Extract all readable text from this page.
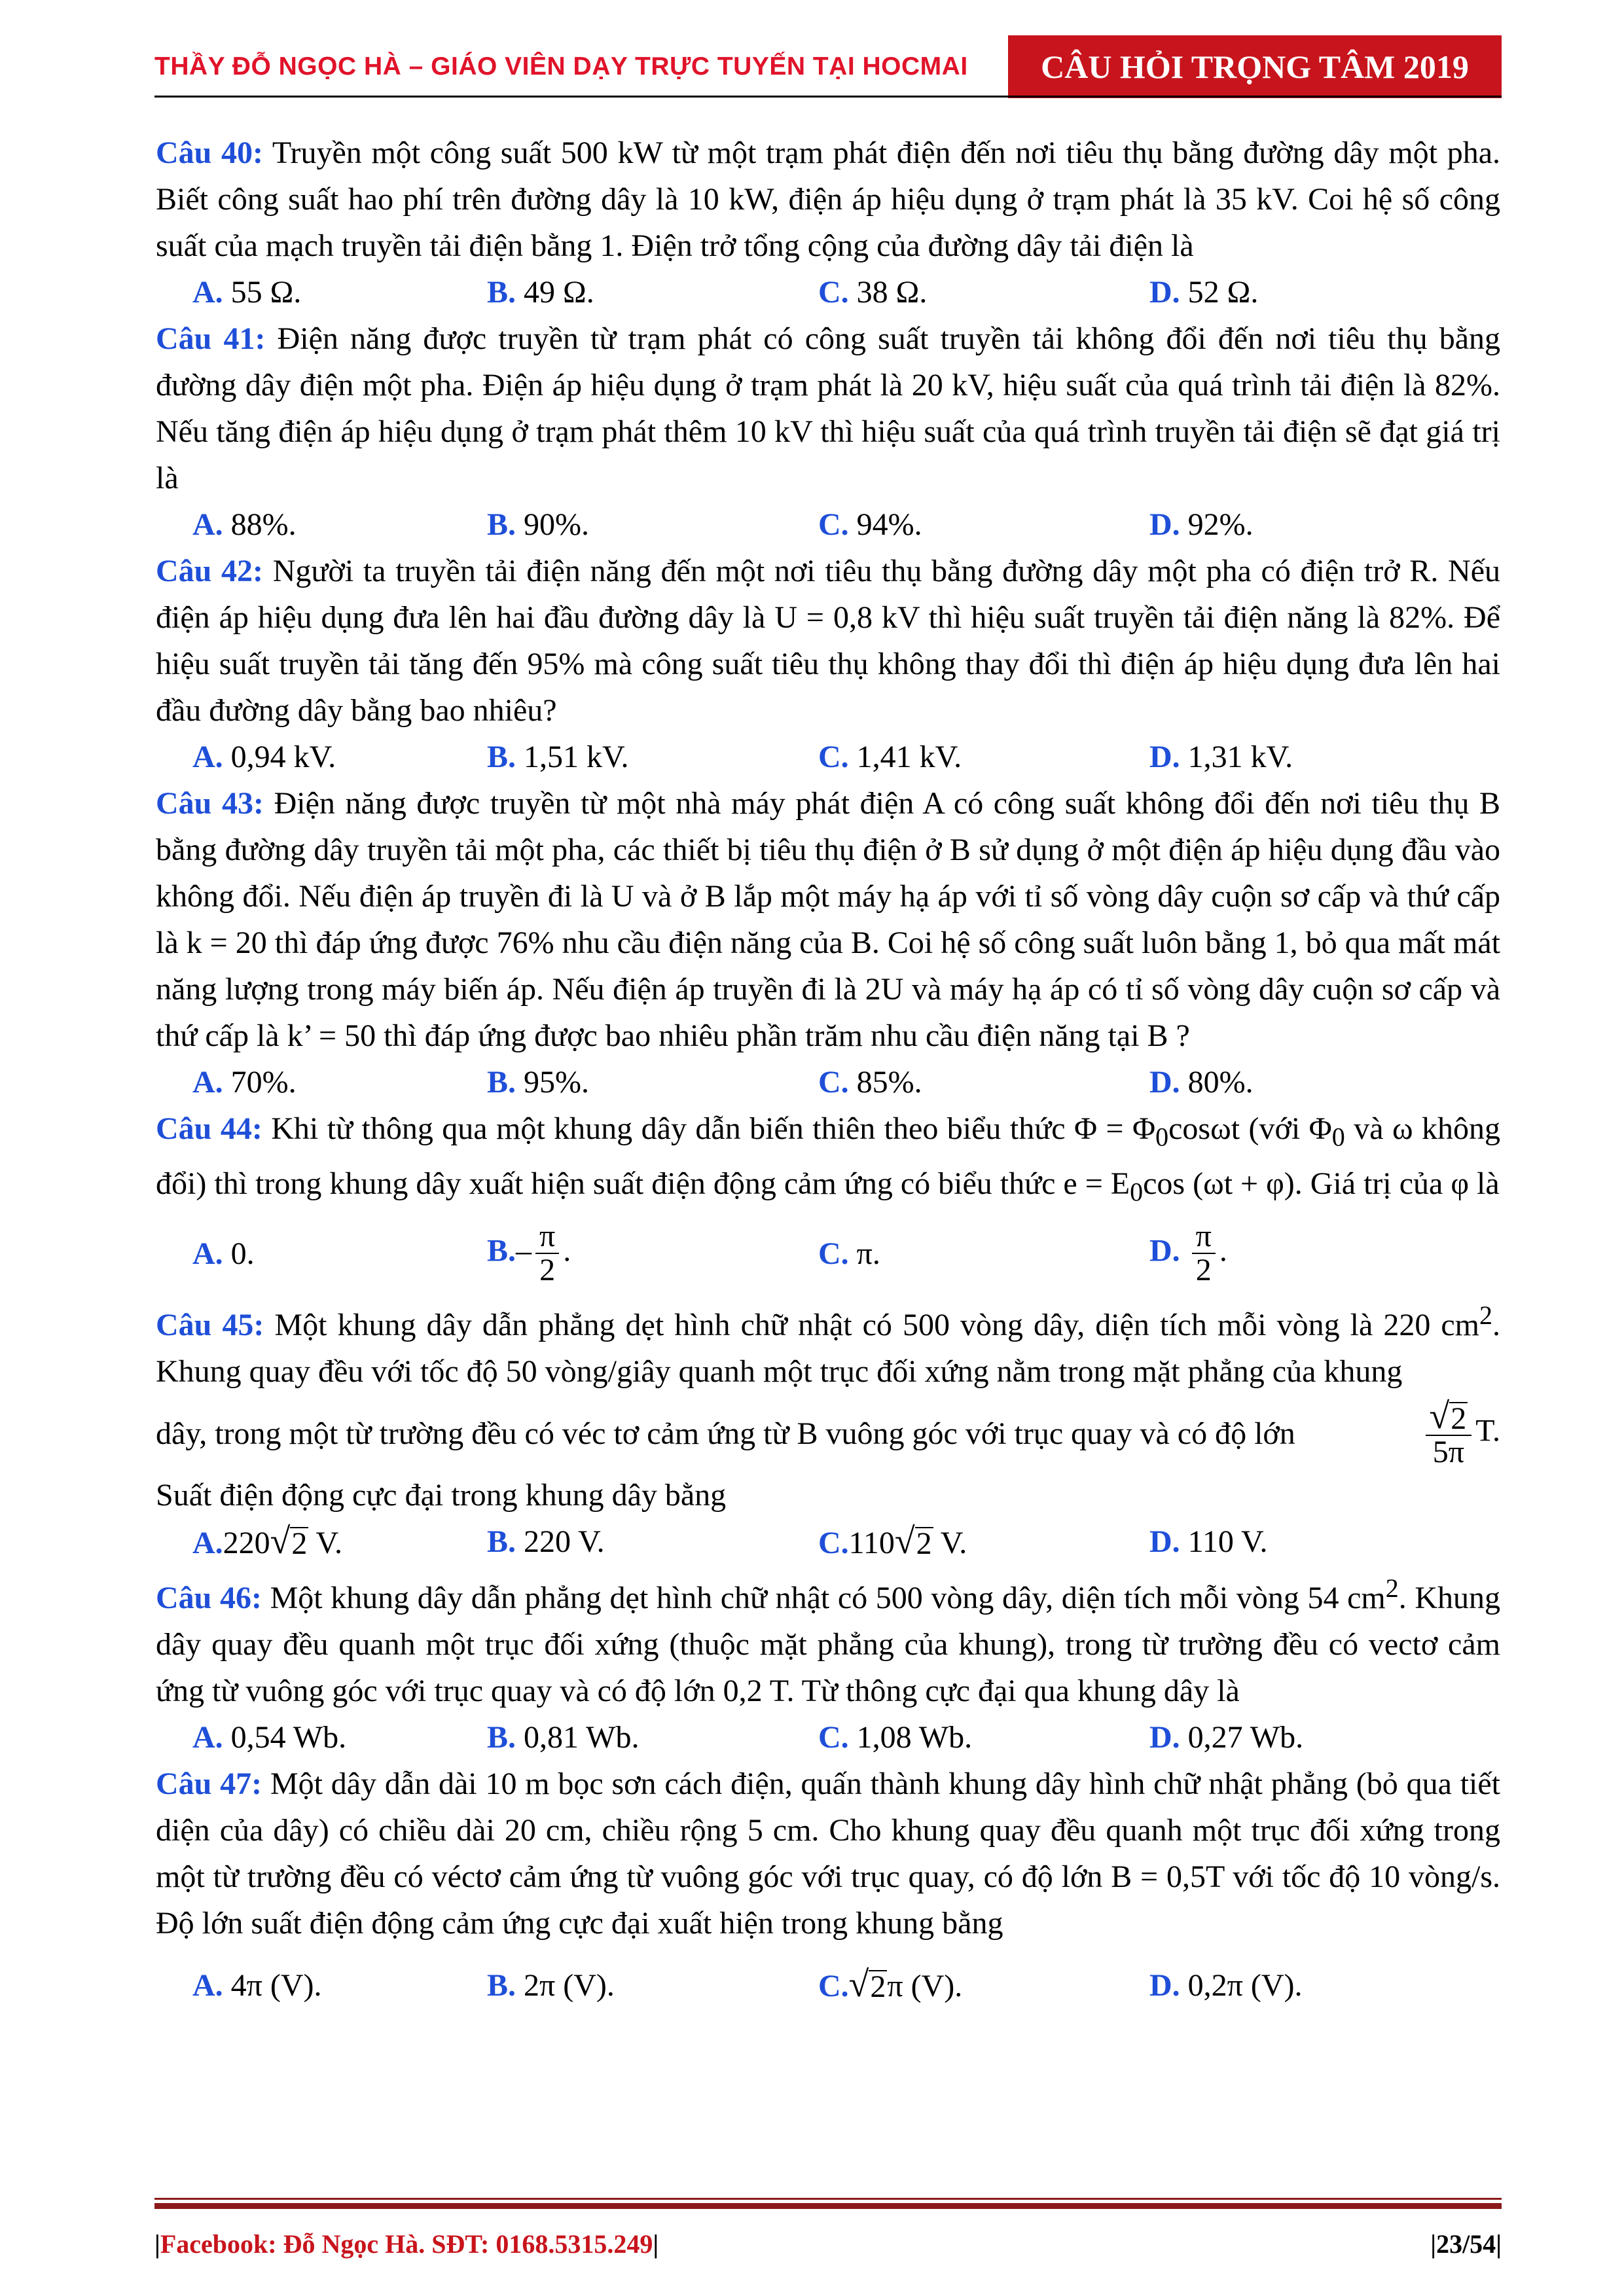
THẦY ĐỖ NGỌC HÀ – GIÁO VIÊN DẠY TRỰC TUYẾN TẠI HOCMAI	CÂU HỎI TRỌNG TÂM 2019

Câu 40: Truyền một công suất 500 kW từ một trạm phát điện đến nơi tiêu thụ bằng đường dây một pha. Biết công suất hao phí trên đường dây là 10 kW, điện áp hiệu dụng ở trạm phát là 35 kV. Coi hệ số công suất của mạch truyền tải điện bằng 1. Điện trở tổng cộng của đường dây tải điện là

A. 55 Ω.	B. 49 Ω.	C. 38 Ω.	D. 52 Ω.

Câu 41: Điện năng được truyền từ trạm phát có công suất truyền tải không đổi đến nơi tiêu thụ bằng đường dây điện một pha. Điện áp hiệu dụng ở trạm phát là 20 kV, hiệu suất của quá trình tải điện là 82%. Nếu tăng điện áp hiệu dụng ở trạm phát thêm 10 kV thì hiệu suất của quá trình truyền tải điện sẽ đạt giá trị là

A. 88%.	B. 90%.	C. 94%.	D. 92%.

Câu 42: Người ta truyền tải điện năng đến một nơi tiêu thụ bằng đường dây một pha có điện trở R. Nếu điện áp hiệu dụng đưa lên hai đầu đường dây là U = 0,8 kV thì hiệu suất truyền tải điện năng là 82%. Để hiệu suất truyền tải tăng đến 95% mà công suất tiêu thụ không thay đổi thì điện áp hiệu dụng đưa lên hai đầu đường dây bằng bao nhiêu?

A. 0,94 kV.	B. 1,51 kV.	C. 1,41 kV.	D. 1,31 kV.

Câu 43: Điện năng được truyền từ một nhà máy phát điện A có công suất không đổi đến nơi tiêu thụ B bằng đường dây truyền tải một pha, các thiết bị tiêu thụ điện ở B sử dụng ở một điện áp hiệu dụng đầu vào không đổi. Nếu điện áp truyền đi là U và ở B lắp một máy hạ áp với tỉ số vòng dây cuộn sơ cấp và thứ cấp là k = 20 thì đáp ứng được 76% nhu cầu điện năng của B. Coi hệ số công suất luôn bằng 1, bỏ qua mất mát năng lượng trong máy biến áp. Nếu điện áp truyền đi là 2U và máy hạ áp có tỉ số vòng dây cuộn sơ cấp và thứ cấp là k’ = 50 thì đáp ứng được bao nhiêu phần trăm nhu cầu điện năng tại B ?

A. 70%.	B. 95%.	C. 85%.	D. 80%.

Câu 44: Khi từ thông qua một khung dây dẫn biến thiên theo biểu thức $\Phi = \Phi_0\cos\omega t$ (với $\Phi_0$ và ω không đổi) thì trong khung dây xuất hiện suất điện động cảm ứng có biểu thức $e = E_0\cos$ (ωt + φ). Giá trị của φ là

A. 0.	$B.- \frac{\pi}{2}$ .	C. π.	D. $\frac{\pi}{2}$ .

Câu 45: Một khung dây dẫn phẳng dẹt hình chữ nhật có 500 vòng dây, diện tích mỗi vòng là 220 $cm^2$. Khung quay đều với tốc độ 50 vòng/giây quanh một trục đối xứng nằm trong mặt phẳng của khung

dây, trong một từ trường đều có véc tơ cảm ứng từ B vuông góc với trục quay và có độ lớn	$\frac{√ 2}{5\pi} T$.

Suất điện động cực đại trong khung dây bằng

A.220 √ 2 V.	B. 220 V.	C.110 √ 2 V.	D. 110 V.

Câu 46: Một khung dây dẫn phẳng dẹt hình chữ nhật có 500 vòng dây, diện tích mỗi vòng 54 $cm^2$. Khung dây quay đều quanh một trục đối xứng (thuộc mặt phẳng của khung), trong từ trường đều có vectơ cảm ứng từ vuông góc với trục quay và có độ lớn 0,2 T. Từ thông cực đại qua khung dây là

A. 0,54 Wb.	B. 0,81 Wb.	C. 1,08 Wb.	D. 0,27 Wb.

Câu 47: Một dây dẫn dài 10 m bọc sơn cách điện, quấn thành khung dây hình chữ nhật phẳng (bỏ qua tiết diện của dây) có chiều dài 20 cm, chiều rộng 5 cm. Cho khung quay đều quanh một trục đối xứng trong một từ trường đều có véctơ cảm ứng từ vuông góc với trục quay, có độ lớn B = 0,5T với tốc độ 10 vòng/s. Độ lớn suất điện động cảm ứng cực đại xuất hiện trong khung bằng

A. 4π (V).	B. 2π (V).	C. √ 2 π (V).	D. 0,2π (V).
|Facebook: Đỗ Ngọc Hà. SĐT: 0168.5315.249|	|23/54|
